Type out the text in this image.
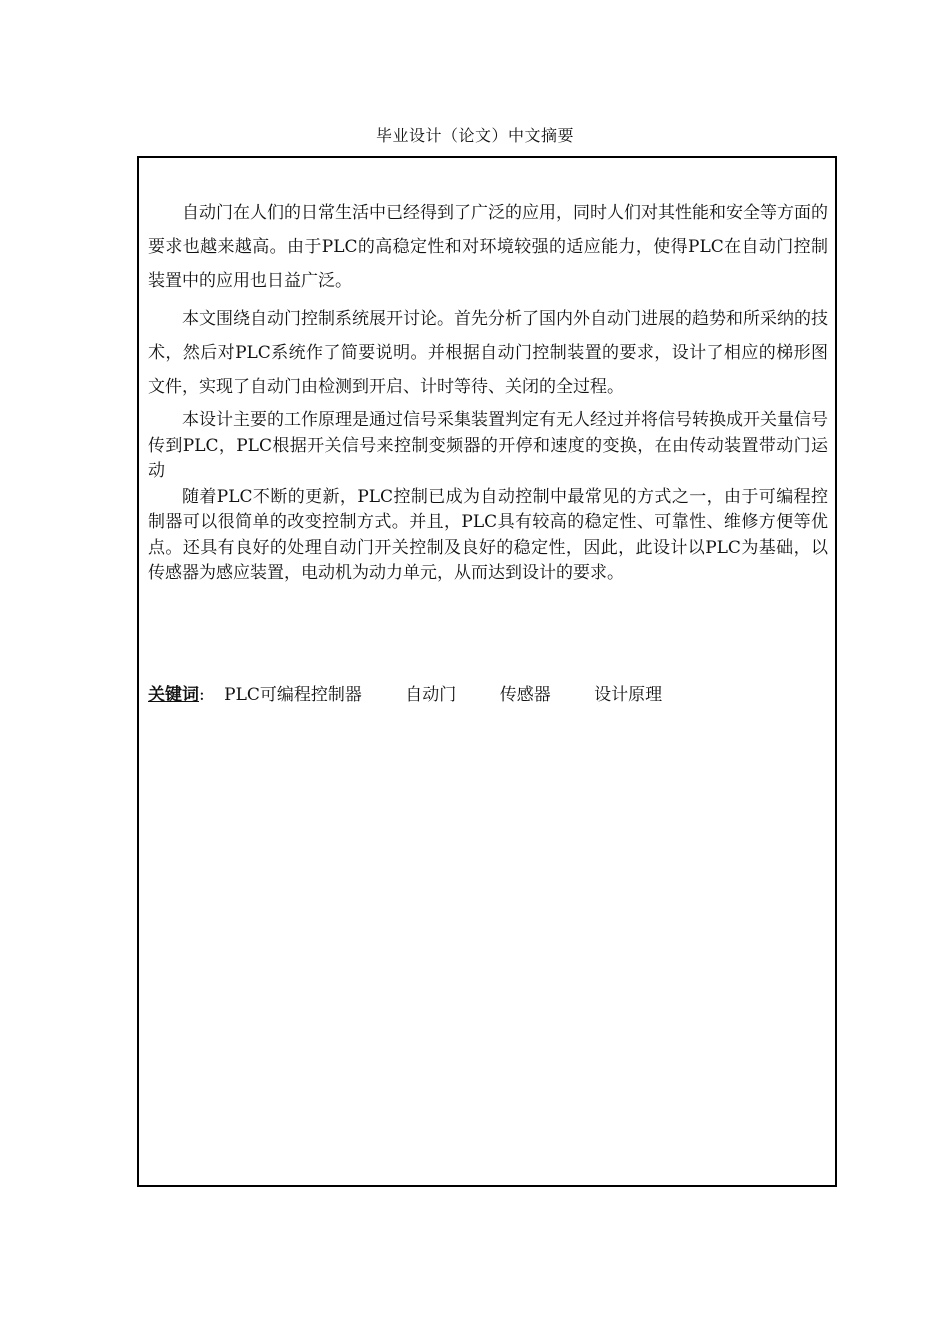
毕业设计（论文）中文摘要

自动门在人们的日常生活中已经得到了广泛的应用，同时人们对其性能和安全等方面的要求也越来越高。由于PLC的高稳定性和对环境较强的适应能力，使得PLC在自动门控制装置中的应用也日益广泛。

本文围绕自动门控制系统展开讨论。首先分析了国内外自动门进展的趋势和所采纳的技术，然后对PLC系统作了简要说明。并根据自动门控制装置的要求，设计了相应的梯形图文件，实现了自动门由检测到开启、计时等待、关闭的全过程。

本设计主要的工作原理是通过信号采集装置判定有无人经过并将信号转换成开关量信号传到PLC，PLC根据开关信号来控制变频器的开停和速度的变换，在由传动装置带动门运动

随着PLC不断的更新，PLC控制已成为自动控制中最常见的方式之一，由于可编程控制器可以很简单的改变控制方式。并且，PLC具有较高的稳定性、可靠性、维修方便等优点。还具有良好的处理自动门开关控制及良好的稳定性，因此，此设计以PLC为基础，以传感器为感应装置，电动机为动力单元，从而达到设计的要求。

关键词: PLC可编程控制器	自动门	传感器	设计原理
